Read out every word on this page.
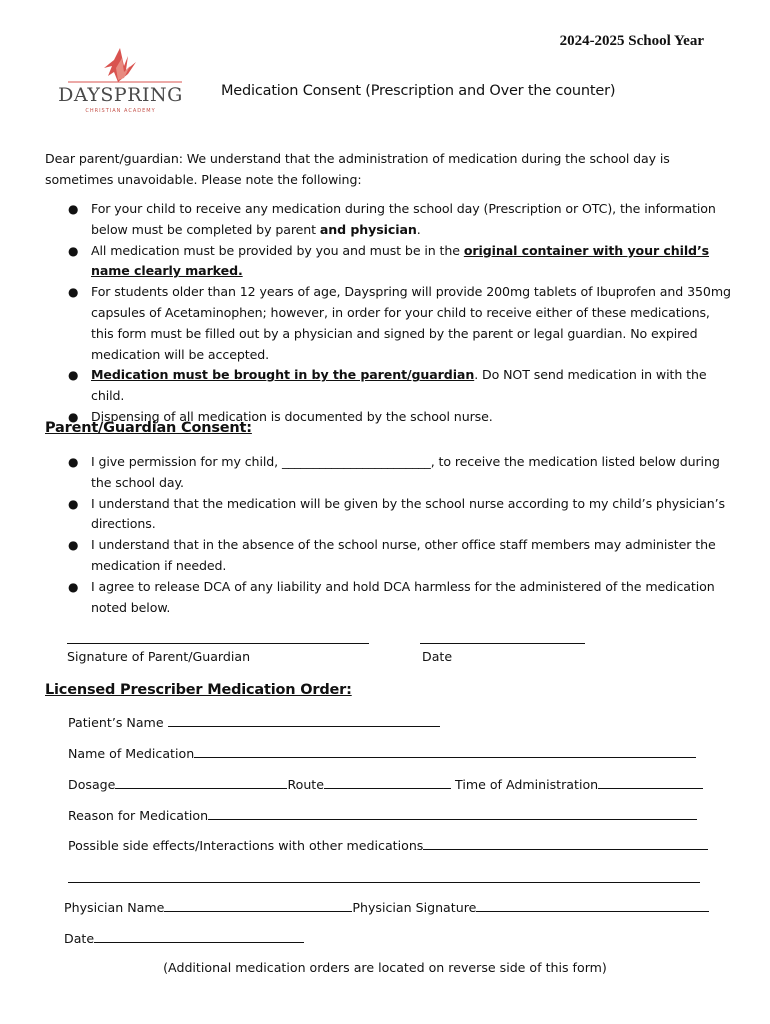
2024-2025 School Year
DAYSPRING
CHRISTIAN ACADEMY
Medication Consent (Prescription and Over the counter)
Dear parent/guardian: We understand that the administration of medication during the school day is sometimes unavoidable. Please note the following:
● For your child to receive any medication during the school day (Prescription or OTC), the information below must be completed by parent and physician.
● All medication must be provided by you and must be in the original container with your child’s name clearly marked.
● For students older than 12 years of age, Dayspring will provide 200mg tablets of Ibuprofen and 350mg capsules of Acetaminophen; however, in order for your child to receive either of these medications, this form must be filled out by a physician and signed by the parent or legal guardian. No expired medication will be accepted.
● Medication must be brought in by the parent/guardian. Do NOT send medication in with the child.
● Dispensing of all medication is documented by the school nurse.
Parent/Guardian Consent:
● I give permission for my child, ________________________, to receive the medication listed below during the school day.
● I understand that the medication will be given by the school nurse according to my child’s physician’s directions.
● I understand that in the absence of the school nurse, other office staff members may administer the medication if needed.
● I agree to release DCA of any liability and hold DCA harmless for the administered of the medication noted below.
Signature of Parent/Guardian	Date
Licensed Prescriber Medication Order:
Patient’s Name
Name of Medication
Dosage	Route	Time of Administration
Reason for Medication
Possible side effects/Interactions with other medications
Physician Name	Physician Signature
Date
(Additional medication orders are located on reverse side of this form)
